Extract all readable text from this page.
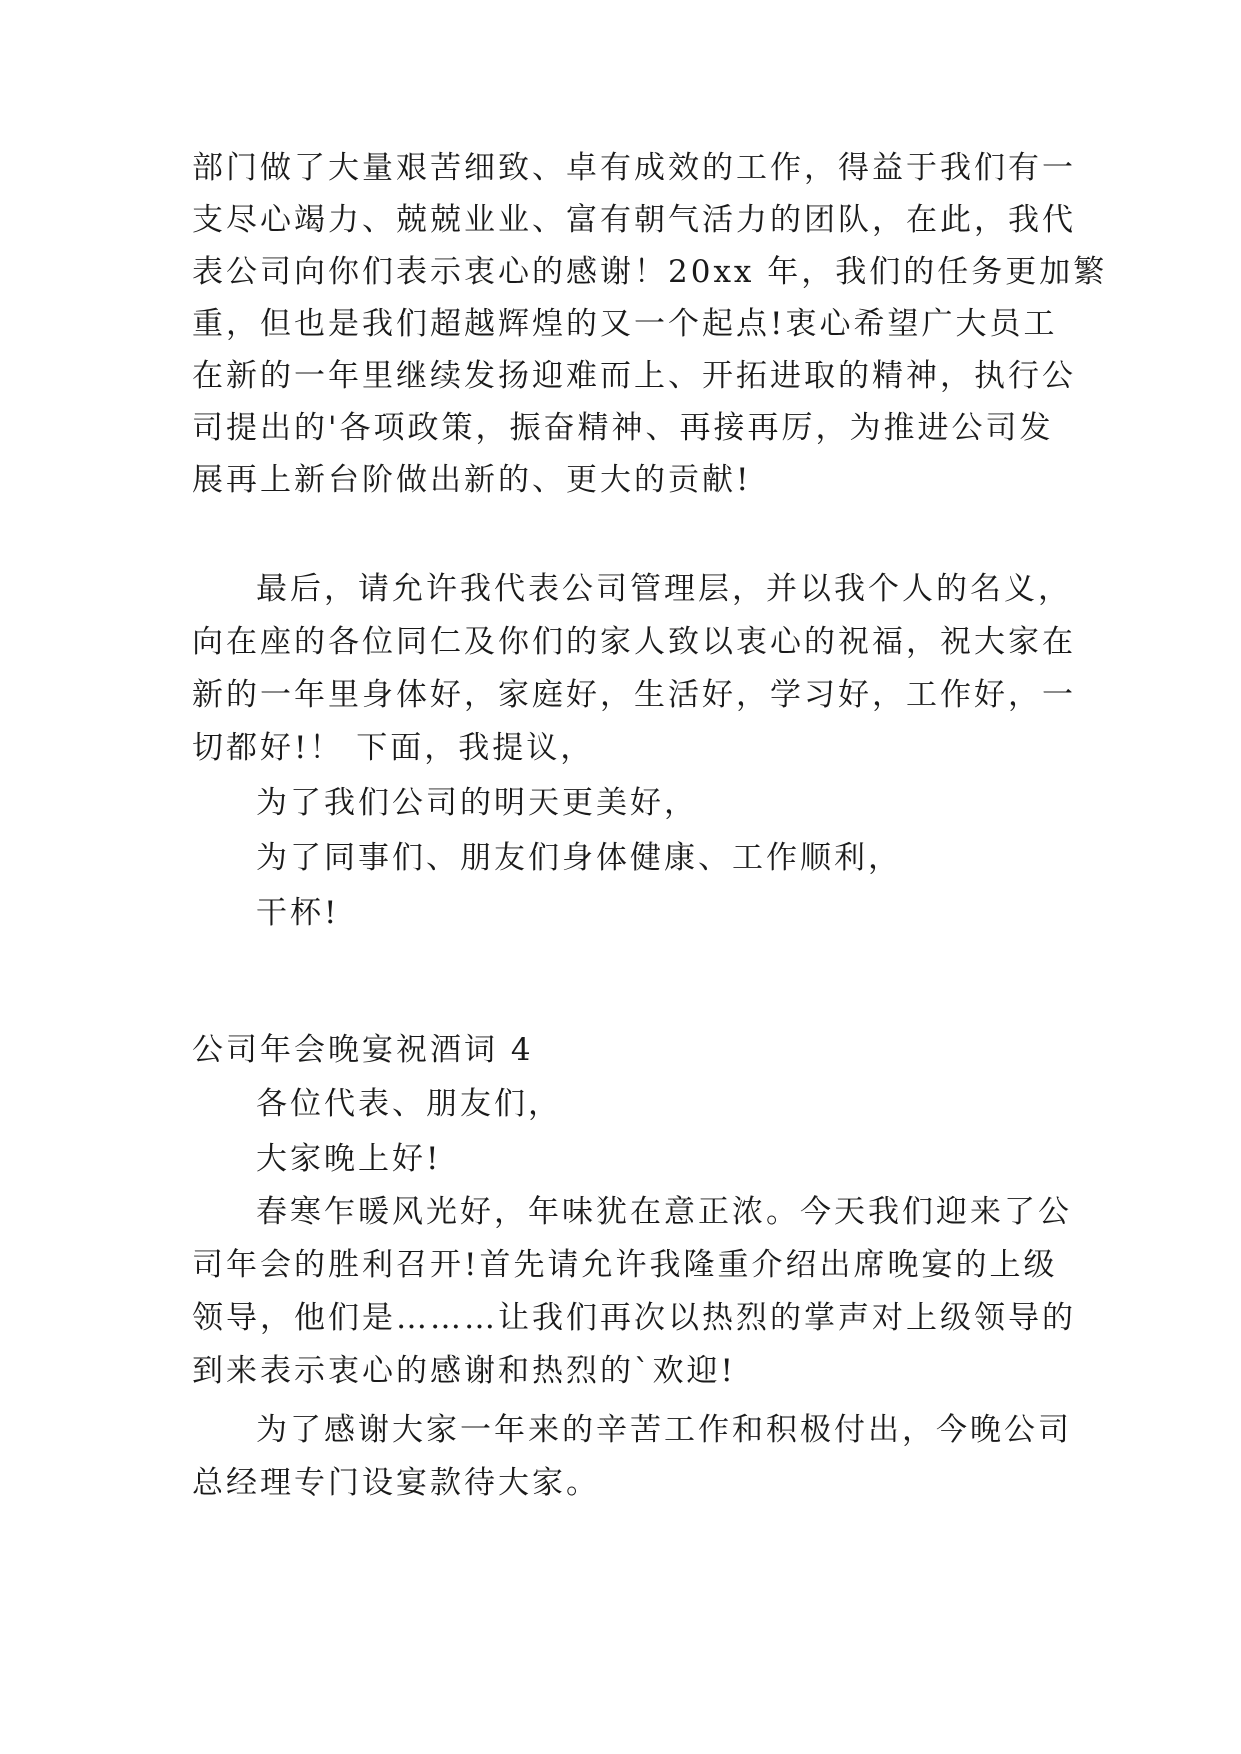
部门做了大量艰苦细致、卓有成效的工作，得益于我们有一
支尽心竭力、兢兢业业、富有朝气活力的团队，在此，我代
表公司向你们表示衷心的感谢！20xx 年，我们的任务更加繁
重，但也是我们超越辉煌的又一个起点!衷心希望广大员工
在新的一年里继续发扬迎难而上、开拓进取的精神，执行公
司提出的'各项政策，振奋精神、再接再厉，为推进公司发
展再上新台阶做出新的、更大的贡献!
最后，请允许我代表公司管理层，并以我个人的名义，
向在座的各位同仁及你们的家人致以衷心的祝福，祝大家在
新的一年里身体好，家庭好，生活好，学习好，工作好，一
切都好!！ 下面，我提议，
为了我们公司的明天更美好，
为了同事们、朋友们身体健康、工作顺利，
干杯!
公司年会晚宴祝酒词 4
各位代表、朋友们，
大家晚上好!
春寒乍暖风光好，年味犹在意正浓。今天我们迎来了公
司年会的胜利召开!首先请允许我隆重介绍出席晚宴的上级
领导，他们是………让我们再次以热烈的掌声对上级领导的
到来表示衷心的感谢和热烈的`欢迎!
为了感谢大家一年来的辛苦工作和积极付出，今晚公司
总经理专门设宴款待大家。
